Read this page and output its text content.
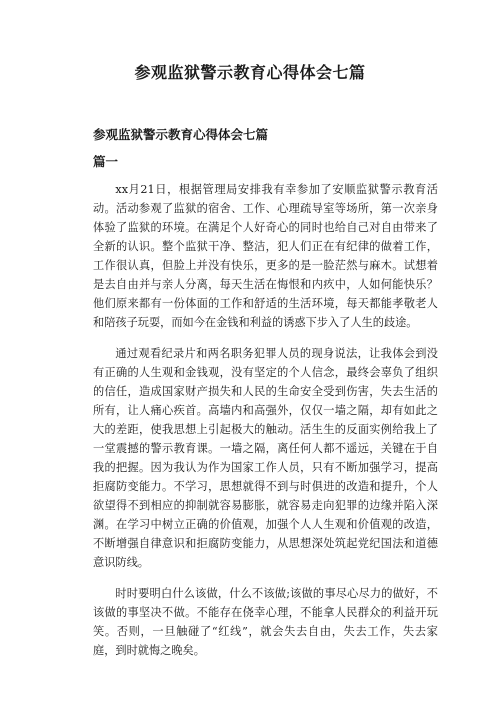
参观监狱警示教育心得体会七篇
参观监狱警示教育心得体会七篇
篇一

xx月21日，根据管理局安排我有幸参加了安顺监狱警示教育活动。活动参观了监狱的宿舍、工作、心理疏导室等场所，第一次亲身体验了监狱的环境。在满足个人好奇心的同时也给自己对自由带来了全新的认识。整个监狱干净、整洁，犯人们正在有纪律的做着工作，工作很认真，但脸上并没有快乐，更多的是一脸茫然与麻木。试想着是去自由并与亲人分离，每天生活在悔恨和内疚中，人如何能快乐？他们原来都有一份体面的工作和舒适的生活环境，每天都能孝敬老人和陪孩子玩耍，而如今在金钱和利益的诱惑下步入了人生的歧途。

通过观看纪录片和两名职务犯罪人员的现身说法，让我体会到没有正确的人生观和金钱观，没有坚定的个人信念，最终会辜负了组织的信任，造成国家财产损失和人民的生命安全受到伤害，失去生活的所有，让人痛心疾首。高墙内和高强外，仅仅一墙之隔，却有如此之大的差距，使我思想上引起极大的触动。活生生的反面实例给我上了一堂震撼的警示教育课。一墙之隔，离任何人都不遥远，关键在于自我的把握。因为我认为作为国家工作人员，只有不断加强学习，提高拒腐防变能力。不学习，思想就得不到与时俱进的改造和提升，个人欲望得不到相应的抑制就容易膨胀，就容易走向犯罪的边缘并陷入深渊。在学习中树立正确的价值观，加强个人人生观和价值观的改造，不断增强自律意识和拒腐防变能力，从思想深处筑起党纪国法和道德意识防线。

时时要明白什么该做，什么不该做;该做的事尽心尽力的做好，不该做的事坚决不做。不能存在侥幸心理，不能拿人民群众的利益开玩笑。否则，一旦触碰了“红线”，就会失去自由，失去工作，失去家庭，到时就悔之晚矣。
